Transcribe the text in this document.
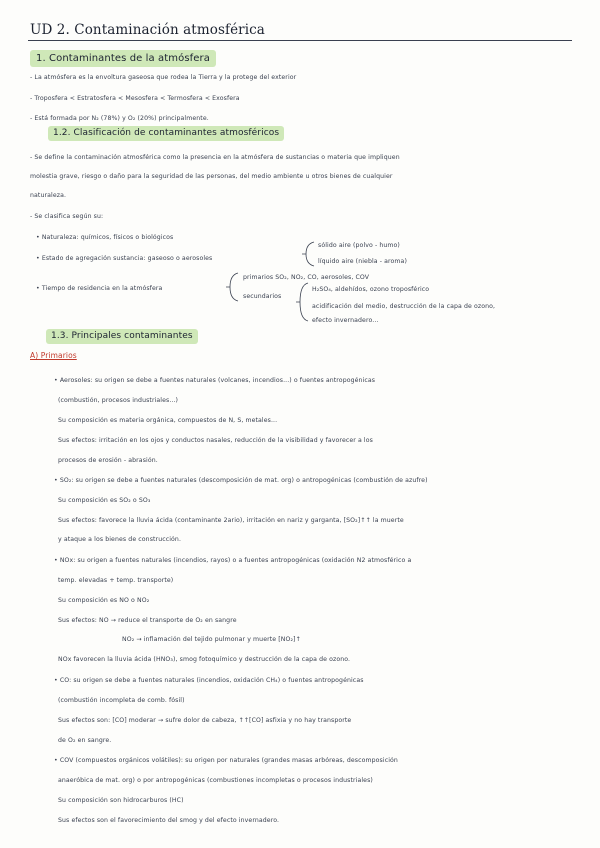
UD 2. Contaminación atmosférica
1. Contaminantes de la atmósfera
- La atmósfera es la envoltura gaseosa que rodea la Tierra y la protege del exterior
- Troposfera < Estratosfera < Mesosfera < Termosfera < Exosfera
- Está formada por N₂ (78%) y O₂ (20%) principalmente.
1.2. Clasificación de contaminantes atmosféricos
- Se define la contaminación atmosférica como la presencia en la atmósfera de sustancias o materia que impliquen
molestia grave, riesgo o daño para la seguridad de las personas, del medio ambiente u otros bienes de cualquier
naturaleza.
- Se clasifica según su:
• Naturaleza: químicos, físicos o biológicos
• Estado de agregación sustancia: gaseoso o aerosoles
sólido aire (polvo - humo)
líquido aire (niebla - aroma)
• Tiempo de residencia en la atmósfera
primarios SO₂, NO₂, CO, aerosoles, COV
secundarios
H₂SO₄, aldehídos, ozono troposférico
acidificación del medio, destrucción de la capa de ozono,
efecto invernadero...
1.3. Principales contaminantes
A) Primarios
• Aerosoles: su origen se debe a fuentes naturales (volcanes, incendios...) o fuentes antropogénicas
(combustión, procesos industriales...)
Su composición es materia orgánica, compuestos de N, S, metales...
Sus efectos: irritación en los ojos y conductos nasales, reducción de la visibilidad y favorecer a los
procesos de erosión - abrasión.
• SO₂: su origen se debe a fuentes naturales (descomposición de mat. org) o antropogénicas (combustión de azufre)
Su composición es SO₂ o SO₃
Sus efectos: favorece la lluvia ácida (contaminante 2ario), irritación en nariz y garganta, [SO₂]↑↑ la muerte
y ataque a los bienes de construcción.
• NOx: su origen a fuentes naturales (incendios, rayos) o a fuentes antropogénicas (oxidación N2 atmosférico a
temp. elevadas + temp. transporte)
Su composición es NO o NO₂
Sus efectos: NO → reduce el transporte de O₂ en sangre
NO₂ → inflamación del tejido pulmonar y muerte [NO₂]↑
NOx favorecen la lluvia ácida (HNO₃), smog fotoquímico y destrucción de la capa de ozono.
• CO: su origen se debe a fuentes naturales (incendios, oxidación CH₄) o fuentes antropogénicas
(combustión incompleta de comb. fósil)
Sus efectos son: [CO] moderar → sufre dolor de cabeza, ↑↑[CO] asfixia y no hay transporte
de O₂ en sangre.
• COV (compuestos orgánicos volátiles): su origen por naturales (grandes masas arbóreas, descomposición
anaeróbica de mat. org) o por antropogénicas (combustiones incompletas o procesos industriales)
Su composición son hidrocarburos (HC)
Sus efectos son el favorecimiento del smog y del efecto invernadero.
